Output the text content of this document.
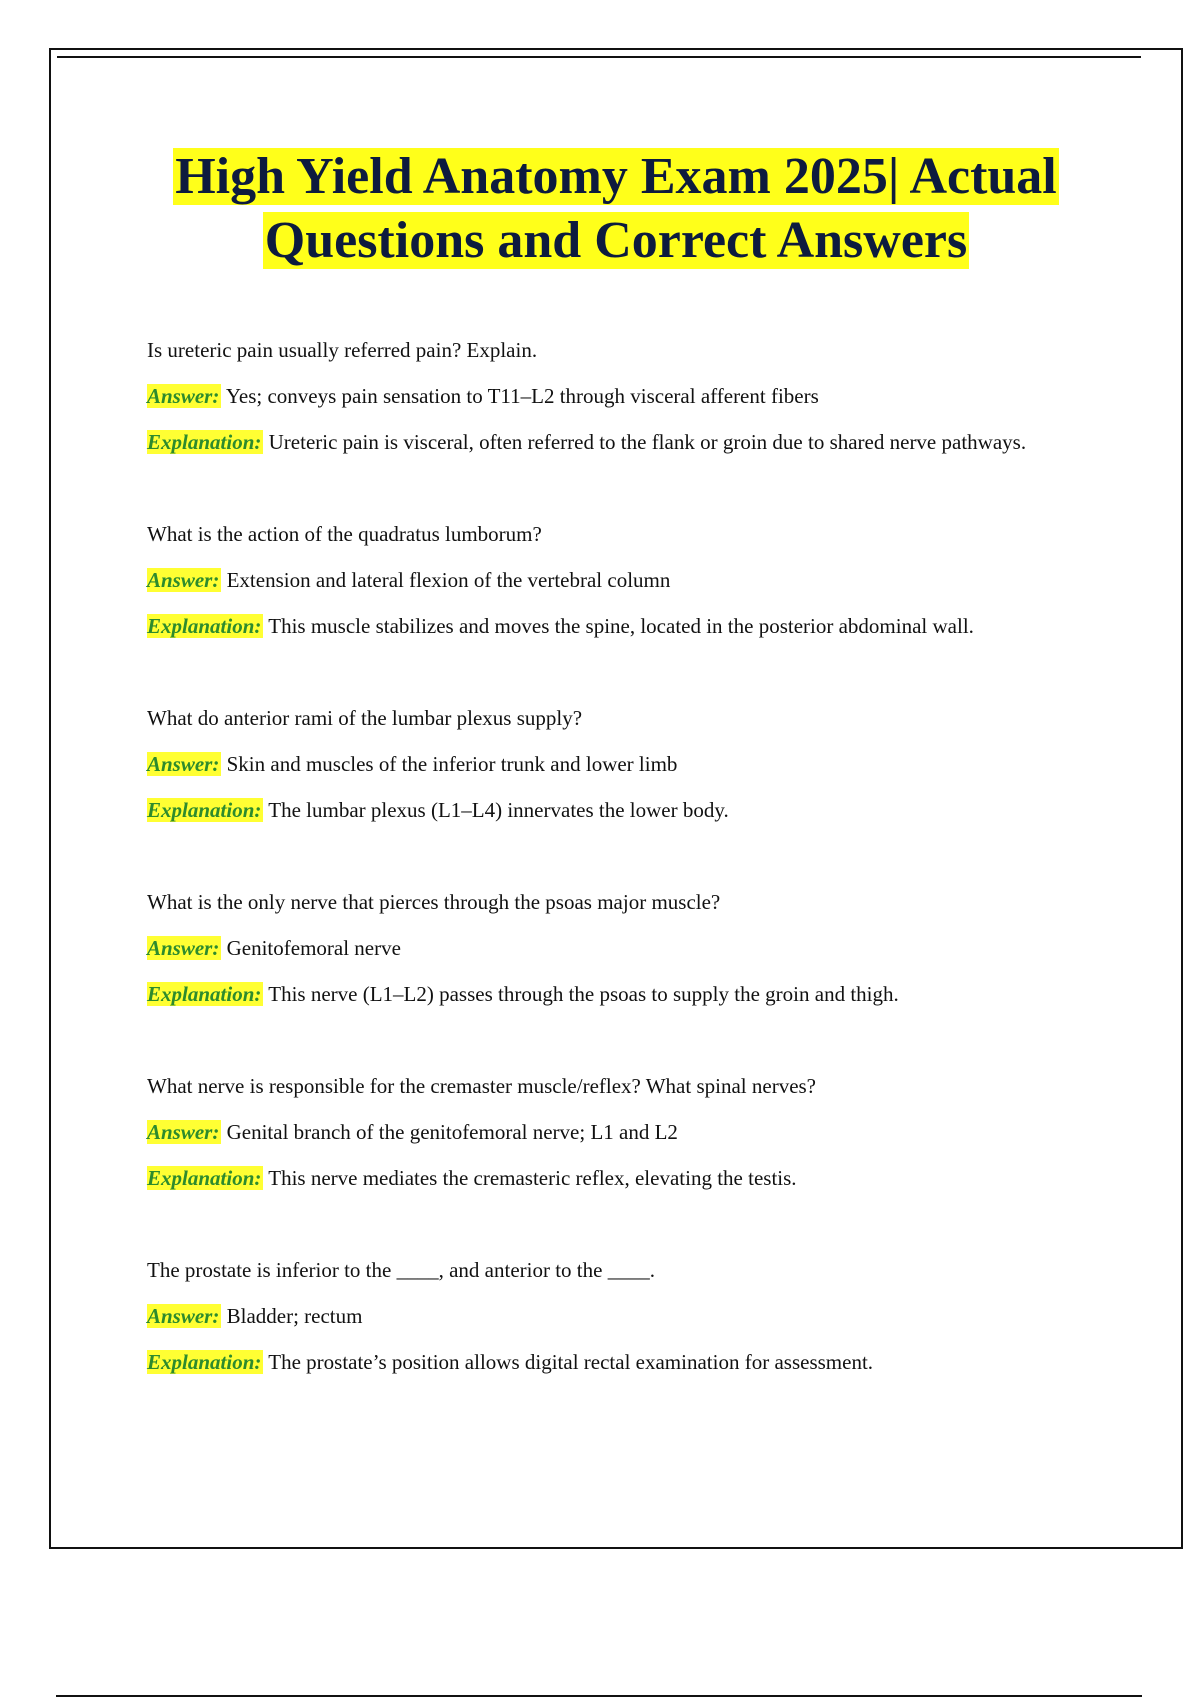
High Yield Anatomy Exam 2025| Actual
Questions and Correct Answers
Is ureteric pain usually referred pain? Explain.
Answer: Yes; conveys pain sensation to T11–L2 through visceral afferent fibers
Explanation: Ureteric pain is visceral, often referred to the flank or groin due to shared nerve pathways.
What is the action of the quadratus lumborum?
Answer: Extension and lateral flexion of the vertebral column
Explanation: This muscle stabilizes and moves the spine, located in the posterior abdominal wall.
What do anterior rami of the lumbar plexus supply?
Answer: Skin and muscles of the inferior trunk and lower limb
Explanation: The lumbar plexus (L1–L4) innervates the lower body.
What is the only nerve that pierces through the psoas major muscle?
Answer: Genitofemoral nerve
Explanation: This nerve (L1–L2) passes through the psoas to supply the groin and thigh.
What nerve is responsible for the cremaster muscle/reflex? What spinal nerves?
Answer: Genital branch of the genitofemoral nerve; L1 and L2
Explanation: This nerve mediates the cremasteric reflex, elevating the testis.
The prostate is inferior to the ____, and anterior to the ____.
Answer: Bladder; rectum
Explanation: The prostate’s position allows digital rectal examination for assessment.
